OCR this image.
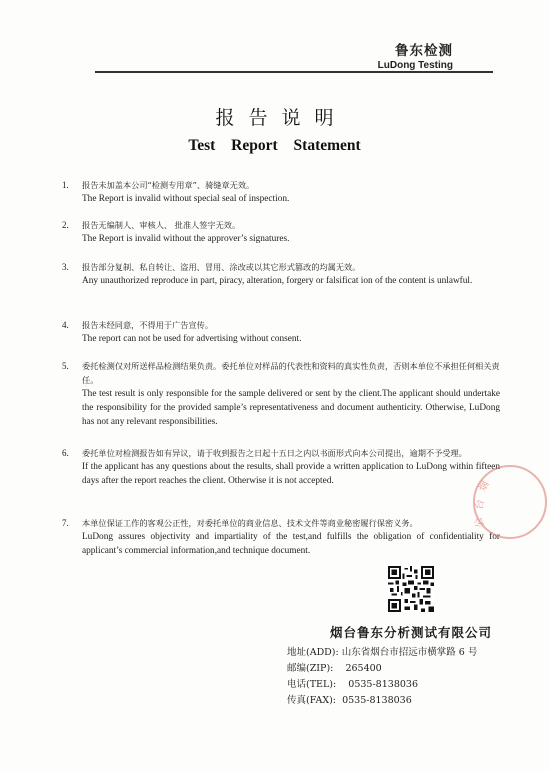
鲁东检测
LuDong Testing
报告说明
Test Report Statement
1.	报告未加盖本公司“检测专用章”、骑缝章无效。
The Report is invalid without special seal of inspection.
2.	报告无编制人、审核人、 批准人签字无效。
The Report is invalid without the approver’s signatures.
3.	报告部分复制、私自转让、盗用、冒用、涂改或以其它形式篡改的均属无效。
Any unauthorized reproduce in part, piracy, alteration, forgery or falsificat ion of the content is unlawful.
4.	报告未经同意，不得用于广告宣传。
The report can not be used for advertising without consent.
5.	委托检测仅对所送样品检测结果负责。委托单位对样品的代表性和资料的真实性负责，否则本单位不承担任何相关责任。
The test result is only responsible for the sample delivered or sent by the client.The applicant should undertake the responsibility for the provided sample’s representativeness and document authenticity. Otherwise, LuDong has not any relevant responsibilities.
6.	委托单位对检测报告如有异议，请于收到报告之日起十五日之内以书面形式向本公司提出，逾期不予受理。
If the applicant has any questions about the results, shall provide a written application to LuDong within fifteen days after the report reaches the client. Otherwise it is not accepted.
7.	本单位保证工作的客观公正性，对委托单位的商业信息、技术文件等商业秘密履行保密义务。
LuDong assures objectivity and impartiality of the test,and fulfills the obligation of confidentiality for applicant’s commercial information,and technique document.
烟
台
公
烟台鲁东分析测试有限公司
地址(ADD): 山东省烟台市招远市横掌路 6 号
邮编(ZIP): 265400
电话(TEL): 0535-8138036
传真(FAX): 0535-8138036
